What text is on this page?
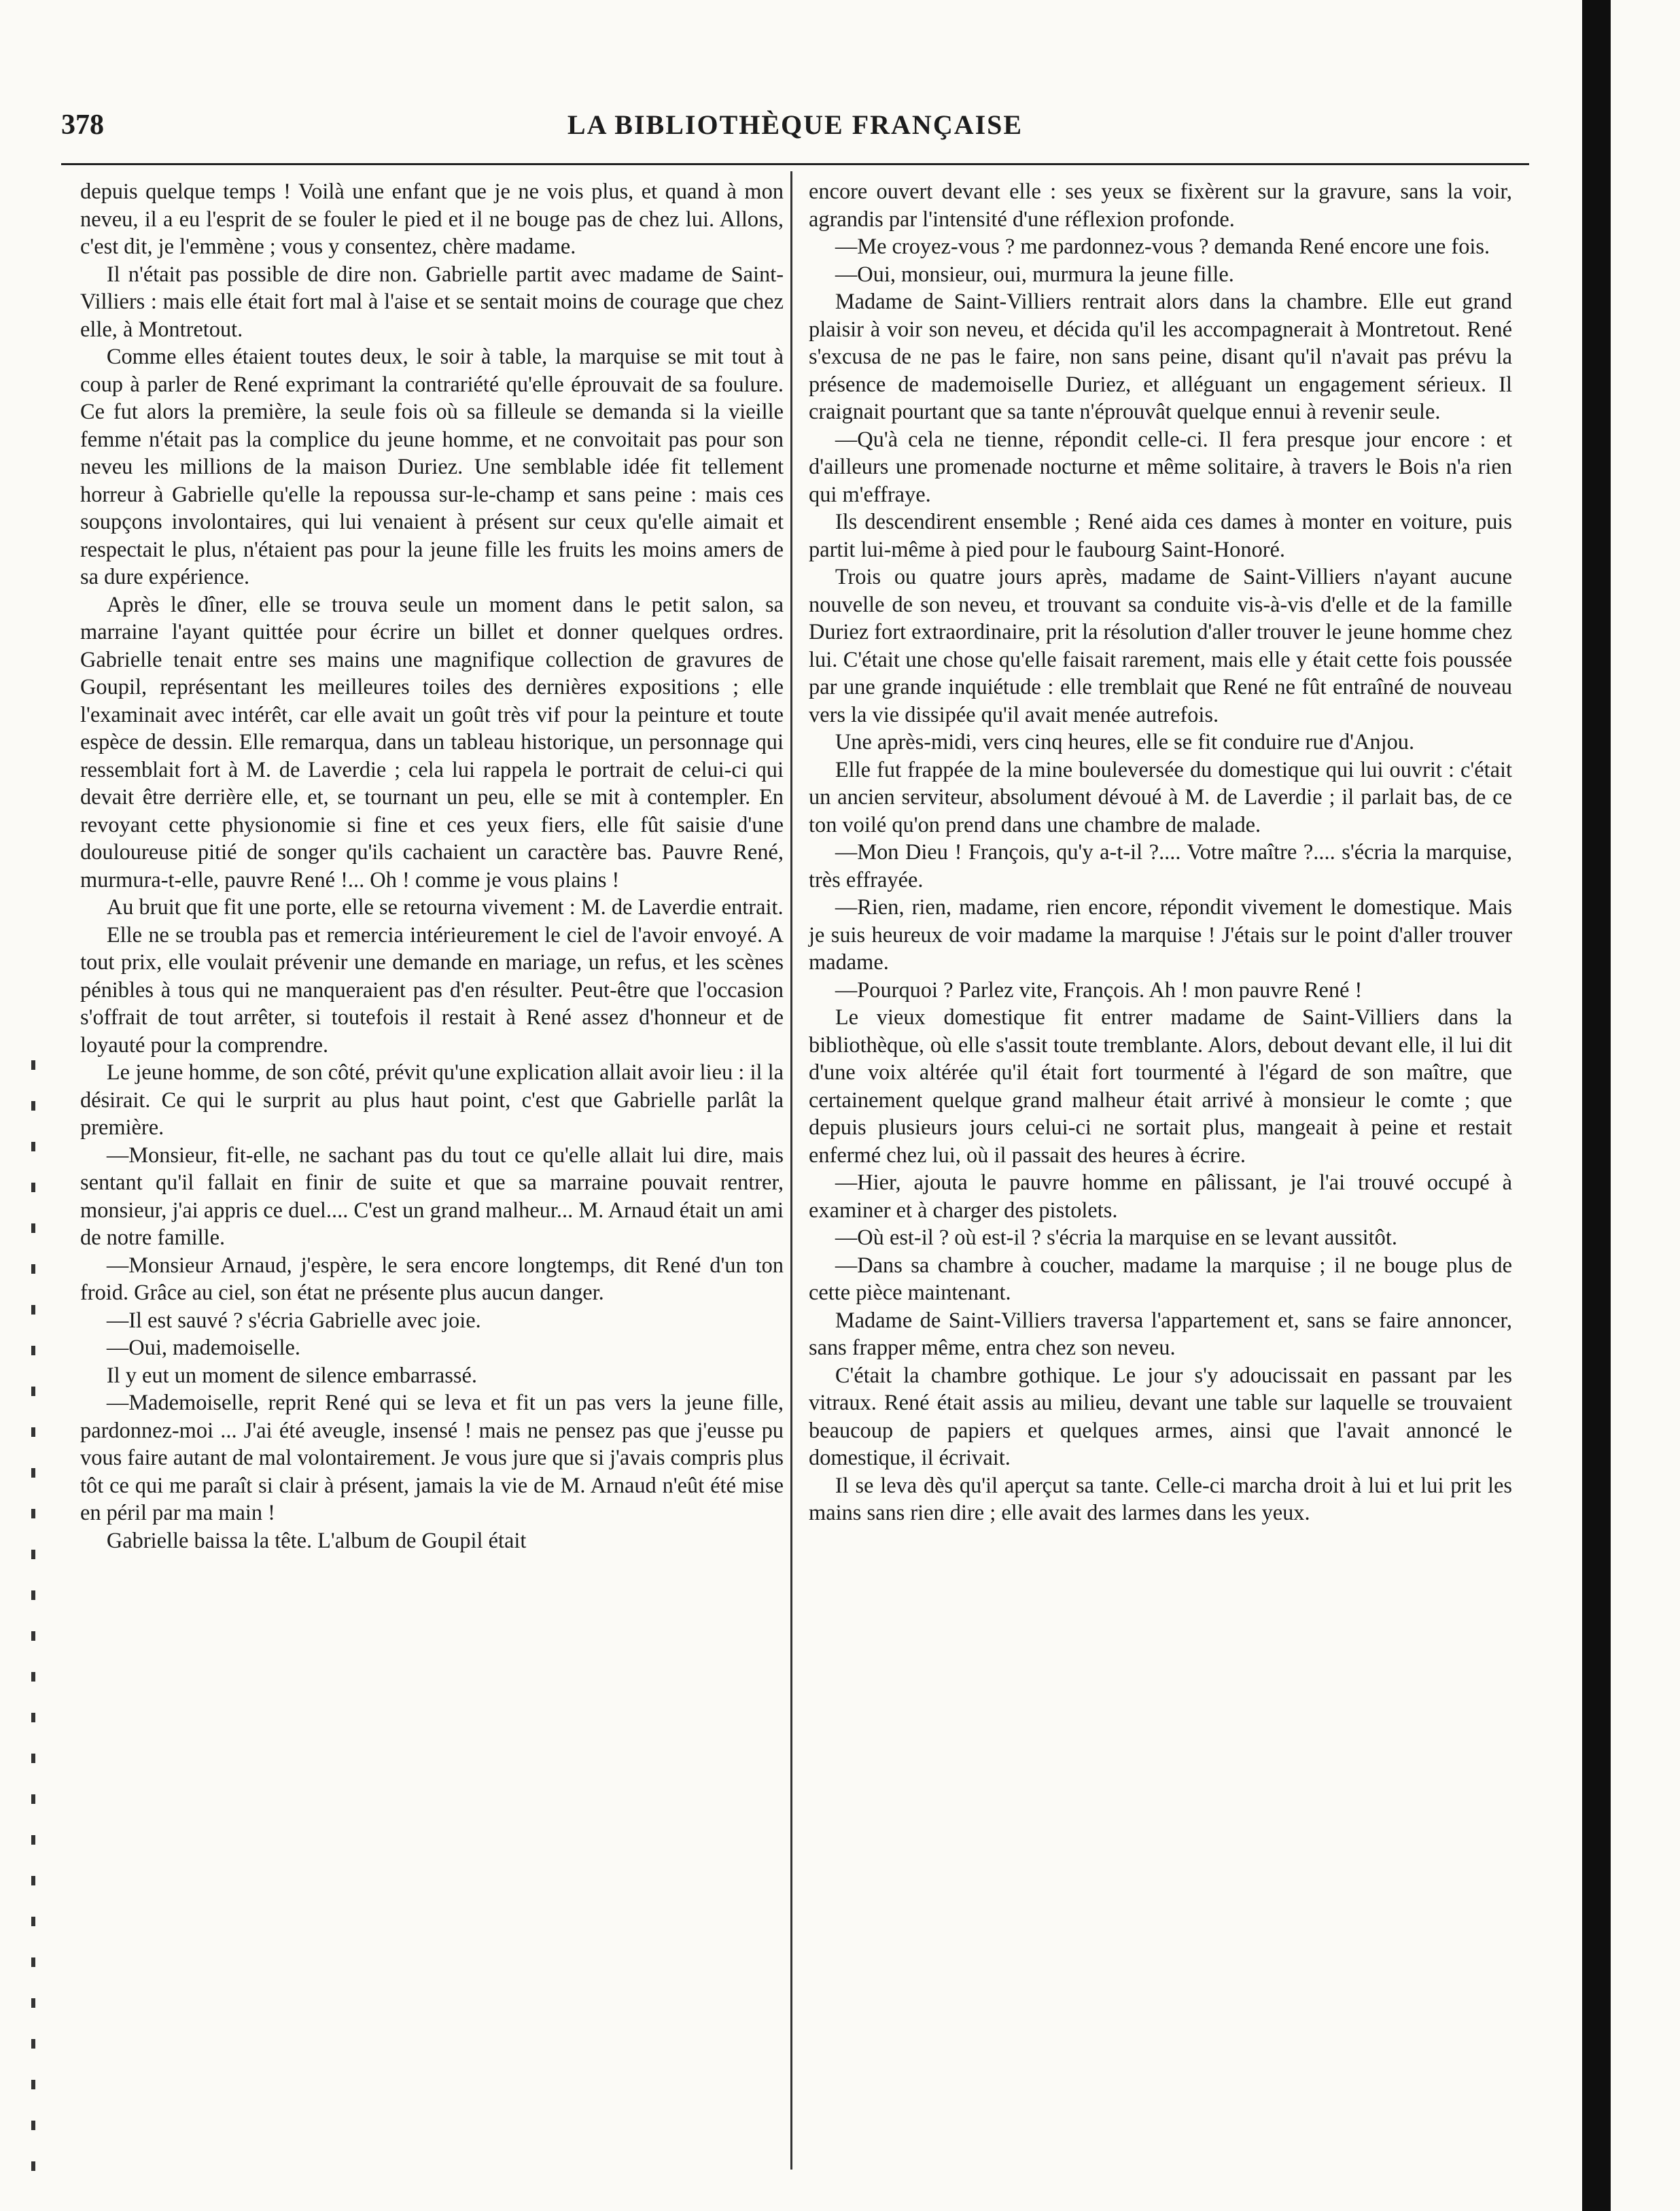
378	LA BIBLIOTHÈQUE FRANÇAISE

depuis quelque temps ! Voilà une enfant que je ne vois plus, et quand à mon neveu, il a eu l'esprit de se fouler le pied et il ne bouge pas de chez lui. Allons, c'est dit, je l'emmène ; vous y consentez, chère madame.

Il n'était pas possible de dire non. Gabrielle partit avec madame de Saint-Villiers : mais elle était fort mal à l'aise et se sentait moins de courage que chez elle, à Montretout.

Comme elles étaient toutes deux, le soir à table, la marquise se mit tout à coup à parler de René exprimant la contrariété qu'elle éprouvait de sa foulure. Ce fut alors la première, la seule fois où sa filleule se demanda si la vieille femme n'était pas la complice du jeune homme, et ne convoitait pas pour son neveu les millions de la maison Duriez. Une semblable idée fit tellement horreur à Gabrielle qu'elle la repoussa sur-le-champ et sans peine : mais ces soupçons involontaires, qui lui venaient à présent sur ceux qu'elle aimait et respectait le plus, n'étaient pas pour la jeune fille les fruits les moins amers de sa dure expérience.

Après le dîner, elle se trouva seule un moment dans le petit salon, sa marraine l'ayant quittée pour écrire un billet et donner quelques ordres. Gabrielle tenait entre ses mains une magnifique collection de gravures de Goupil, représentant les meilleures toiles des dernières expositions ; elle l'examinait avec intérêt, car elle avait un goût très vif pour la peinture et toute espèce de dessin. Elle remarqua, dans un tableau historique, un personnage qui ressemblait fort à M. de Laverdie ; cela lui rappela le portrait de celui-ci qui devait être derrière elle, et, se tournant un peu, elle se mit à contempler. En revoyant cette physionomie si fine et ces yeux fiers, elle fût saisie d'une douloureuse pitié de songer qu'ils cachaient un caractère bas. Pauvre René, murmura-t-elle, pauvre René !... Oh ! comme je vous plains !

Au bruit que fit une porte, elle se retourna vivement : M. de Laverdie entrait.

Elle ne se troubla pas et remercia intérieurement le ciel de l'avoir envoyé. A tout prix, elle voulait prévenir une demande en mariage, un refus, et les scènes pénibles à tous qui ne manqueraient pas d'en résulter. Peut-être que l'occasion s'offrait de tout arrêter, si toutefois il restait à René assez d'honneur et de loyauté pour la comprendre.

Le jeune homme, de son côté, prévit qu'une explication allait avoir lieu : il la désirait. Ce qui le surprit au plus haut point, c'est que Gabrielle parlât la première.

—Monsieur, fit-elle, ne sachant pas du tout ce qu'elle allait lui dire, mais sentant qu'il fallait en finir de suite et que sa marraine pouvait rentrer, monsieur, j'ai appris ce duel.... C'est un grand malheur... M. Arnaud était un ami de notre famille.

—Monsieur Arnaud, j'espère, le sera encore longtemps, dit René d'un ton froid. Grâce au ciel, son état ne présente plus aucun danger.

—Il est sauvé ? s'écria Gabrielle avec joie.

—Oui, mademoiselle.

Il y eut un moment de silence embarrassé.

—Mademoiselle, reprit René qui se leva et fit un pas vers la jeune fille, pardonnez-moi ... J'ai été aveugle, insensé ! mais ne pensez pas que j'eusse pu vous faire autant de mal volontairement. Je vous jure que si j'avais compris plus tôt ce qui me paraît si clair à présent, jamais la vie de M. Arnaud n'eût été mise en péril par ma main !

Gabrielle baissa la tête. L'album de Goupil était

encore ouvert devant elle : ses yeux se fixèrent sur la gravure, sans la voir, agrandis par l'intensité d'une réflexion profonde.

—Me croyez-vous ? me pardonnez-vous ? demanda René encore une fois.

—Oui, monsieur, oui, murmura la jeune fille.

Madame de Saint-Villiers rentrait alors dans la chambre. Elle eut grand plaisir à voir son neveu, et décida qu'il les accompagnerait à Montretout. René s'excusa de ne pas le faire, non sans peine, disant qu'il n'avait pas prévu la présence de mademoiselle Duriez, et alléguant un engagement sérieux. Il craignait pourtant que sa tante n'éprouvât quelque ennui à revenir seule.

—Qu'à cela ne tienne, répondit celle-ci. Il fera presque jour encore : et d'ailleurs une promenade nocturne et même solitaire, à travers le Bois n'a rien qui m'effraye.

Ils descendirent ensemble ; René aida ces dames à monter en voiture, puis partit lui-même à pied pour le faubourg Saint-Honoré.

Trois ou quatre jours après, madame de Saint-Villiers n'ayant aucune nouvelle de son neveu, et trouvant sa conduite vis-à-vis d'elle et de la famille Duriez fort extraordinaire, prit la résolution d'aller trouver le jeune homme chez lui. C'était une chose qu'elle faisait rarement, mais elle y était cette fois poussée par une grande inquiétude : elle tremblait que René ne fût entraîné de nouveau vers la vie dissipée qu'il avait menée autrefois.

Une après-midi, vers cinq heures, elle se fit conduire rue d'Anjou.

Elle fut frappée de la mine bouleversée du domestique qui lui ouvrit : c'était un ancien serviteur, absolument dévoué à M. de Laverdie ; il parlait bas, de ce ton voilé qu'on prend dans une chambre de malade.

—Mon Dieu ! François, qu'y a-t-il ?.... Votre maître ?.... s'écria la marquise, très effrayée.

—Rien, rien, madame, rien encore, répondit vivement le domestique. Mais je suis heureux de voir madame la marquise ! J'étais sur le point d'aller trouver madame.

—Pourquoi ? Parlez vite, François. Ah ! mon pauvre René !

Le vieux domestique fit entrer madame de Saint-Villiers dans la bibliothèque, où elle s'assit toute tremblante. Alors, debout devant elle, il lui dit d'une voix altérée qu'il était fort tourmenté à l'égard de son maître, que certainement quelque grand malheur était arrivé à monsieur le comte ; que depuis plusieurs jours celui-ci ne sortait plus, mangeait à peine et restait enfermé chez lui, où il passait des heures à écrire.

—Hier, ajouta le pauvre homme en pâlissant, je l'ai trouvé occupé à examiner et à charger des pistolets.

—Où est-il ? où est-il ? s'écria la marquise en se levant aussitôt.

—Dans sa chambre à coucher, madame la marquise ; il ne bouge plus de cette pièce maintenant.

Madame de Saint-Villiers traversa l'appartement et, sans se faire annoncer, sans frapper même, entra chez son neveu.

C'était la chambre gothique. Le jour s'y adoucissait en passant par les vitraux. René était assis au milieu, devant une table sur laquelle se trouvaient beaucoup de papiers et quelques armes, ainsi que l'avait annoncé le domestique, il écrivait.

Il se leva dès qu'il aperçut sa tante. Celle-ci marcha droit à lui et lui prit les mains sans rien dire ; elle avait des larmes dans les yeux.
